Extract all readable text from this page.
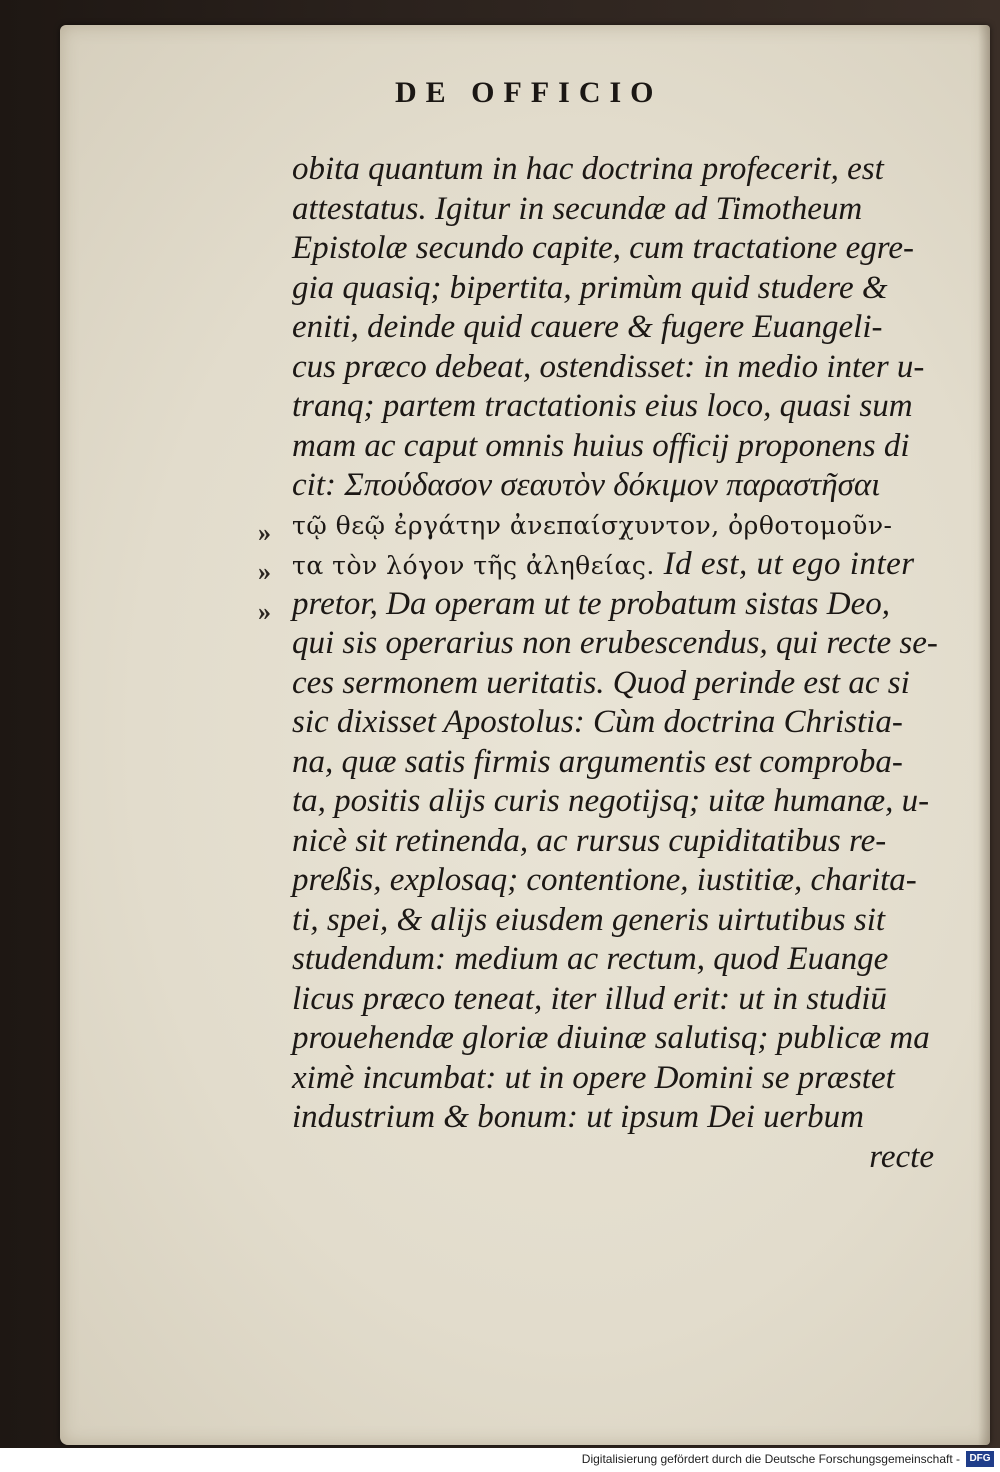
DE OFFICIO
»
»
»
obita quantum in hac doctrina profecerit, est
attestatus. Igitur in secundæ ad Timotheum
Epistolæ secundo capite, cum tractatione egre-
gia quasiq; bipertita, primùm quid studere &
eniti, deinde quid cauere & fugere Euangeli-
cus præco debeat, ostendisset: in medio inter u-
tranq; partem tractationis eius loco, quasi sum
mam ac caput omnis huius officij proponens di
cit: Σπούδασον σεαυτὸν δόκιμον παραστῆσαι
τῷ θεῷ ἐργάτην ἀνεπαίσχυντον, ὀρθοτομοῦν-
τα τὸν λόγον τῆς ἀληθείας. Id est, ut ego inter
pretor, Da operam ut te probatum sistas Deo,
qui sis operarius non erubescendus, qui recte se-
ces sermonem ueritatis. Quod perinde est ac si
sic dixisset Apostolus: Cùm doctrina Christia-
na, quæ satis firmis argumentis est comproba-
ta, positis alijs curis negotijsq; uitæ humanæ, u-
nicè sit retinenda, ac rursus cupiditatibus re-
preßis, explosaq; contentione, iustitiæ, charita-
ti, spei, & alijs eiusdem generis uirtutibus sit
studendum: medium ac rectum, quod Euange
licus præco teneat, iter illud erit: ut in studiū
prouehendæ gloriæ diuinæ salutisq; publicæ ma
ximè incumbat: ut in opere Domini se præstet
industrium & bonum: ut ipsum Dei uerbum
recte
Digitalisierung gefördert durch die Deutsche Forschungsgemeinschaft - DFG
